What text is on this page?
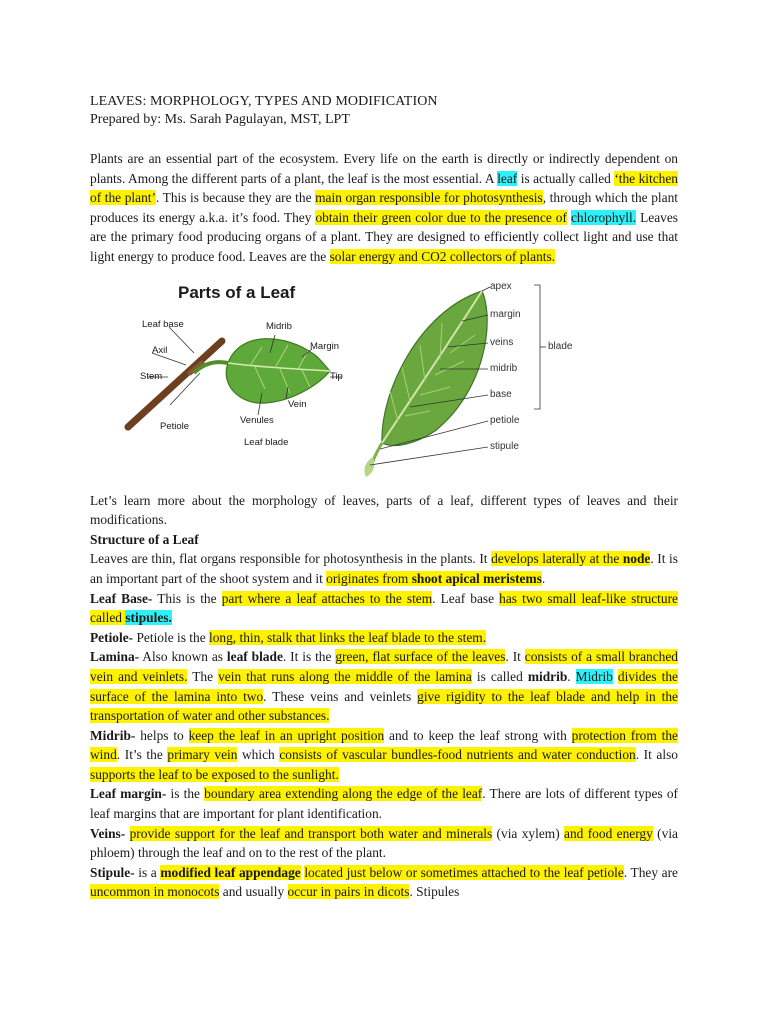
LEAVES: MORPHOLOGY, TYPES AND MODIFICATION
Prepared by: Ms. Sarah Pagulayan, MST, LPT

Plants are an essential part of the ecosystem. Every life on the earth is directly or indirectly dependent on plants. Among the different parts of a plant, the leaf is the most essential. A leaf is actually called ‘the kitchen of the plant’. This is because they are the main organ responsible for photosynthesis, through which the plant produces its energy a.k.a. it’s food. They obtain their green color due to the presence of chlorophyll. Leaves are the primary food producing organs of a plant. They are designed to efficiently collect light and use that light energy to produce food. Leaves are the solar energy and CO2 collectors of plants.

Parts of a Leaf
Leaf base
Axil
Stem
Petiole
Midrib
Margin
Tip
Venules
Vein
Leaf blade
apex
margin
veins	blade
midrib
base
petiole
stipule

Let’s learn more about the morphology of leaves, parts of a leaf, different types of leaves and their modifications.

Structure of a Leaf

Leaves are thin, flat organs responsible for photosynthesis in the plants. It develops laterally at the node. It is an important part of the shoot system and it originates from shoot apical meristems.

Leaf Base- This is the part where a leaf attaches to the stem. Leaf base has two small leaf-like structure called stipules.

Petiole- Petiole is the long, thin, stalk that links the leaf blade to the stem.

Lamina- Also known as leaf blade. It is the green, flat surface of the leaves. It consists of a small branched vein and veinlets. The vein that runs along the middle of the lamina is called midrib. Midrib divides the surface of the lamina into two. These veins and veinlets give rigidity to the leaf blade and help in the transportation of water and other substances.

Midrib- helps to keep the leaf in an upright position and to keep the leaf strong with protection from the wind. It’s the primary vein which consists of vascular bundles-food nutrients and water conduction. It also supports the leaf to be exposed to the sunlight.

Leaf margin- is the boundary area extending along the edge of the leaf. There are lots of different types of leaf margins that are important for plant identification.

Veins- provide support for the leaf and transport both water and minerals (via xylem) and food energy (via phloem) through the leaf and on to the rest of the plant.

Stipule- is a modified leaf appendage located just below or sometimes attached to the leaf petiole. They are uncommon in monocots and usually occur in pairs in dicots. Stipules
